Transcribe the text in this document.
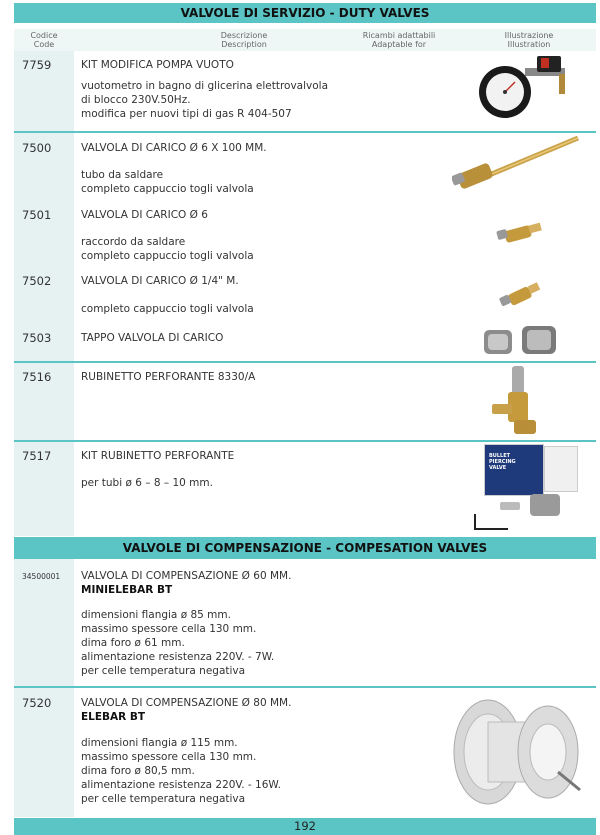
VALVOLE DI SERVIZIO - DUTY VALVES
Codice
Code
Descrizione
Description
Ricambi adattabili
Adaptable for
Illustrazione
Illustration
7759	KIT MODIFICA POMPA VUOTO
vuotometro in bagno di glicerina elettrovalvola
di blocco 230V.50Hz.
modifica per nuovi tipi di gas R 404-507
7500	VALVOLA DI CARICO Ø 6 X 100 MM.
tubo da saldare
completo cappuccio togli valvola
7501	VALVOLA DI CARICO Ø 6
raccordo da saldare
completo cappuccio togli valvola
7502	VALVOLA DI CARICO Ø 1/4" M.
completo cappuccio togli valvola
7503	TAPPO VALVOLA DI CARICO
7516	RUBINETTO PERFORANTE 8330/A
7517	KIT RUBINETTO PERFORANTE
per tubi ø 6 – 8 – 10 mm.
BULLET
PIERCING
VALVE
VALVOLE DI COMPENSAZIONE - COMPESATION VALVES
34500001 VALVOLA DI COMPENSAZIONE Ø 60 MM.
MINIELEBAR BT
dimensioni flangia ø 85 mm.
massimo spessore cella 130 mm.
dima foro ø 61 mm.
alimentazione resistenza 220V. - 7W.
per celle temperatura negativa
7520	VALVOLA DI COMPENSAZIONE Ø 80 MM.
ELEBAR BT
dimensioni flangia ø 115 mm.
massimo spessore cella 130 mm.
dima foro ø 80,5 mm.
alimentazione resistenza 220V. - 16W.
per celle temperatura negativa
192
